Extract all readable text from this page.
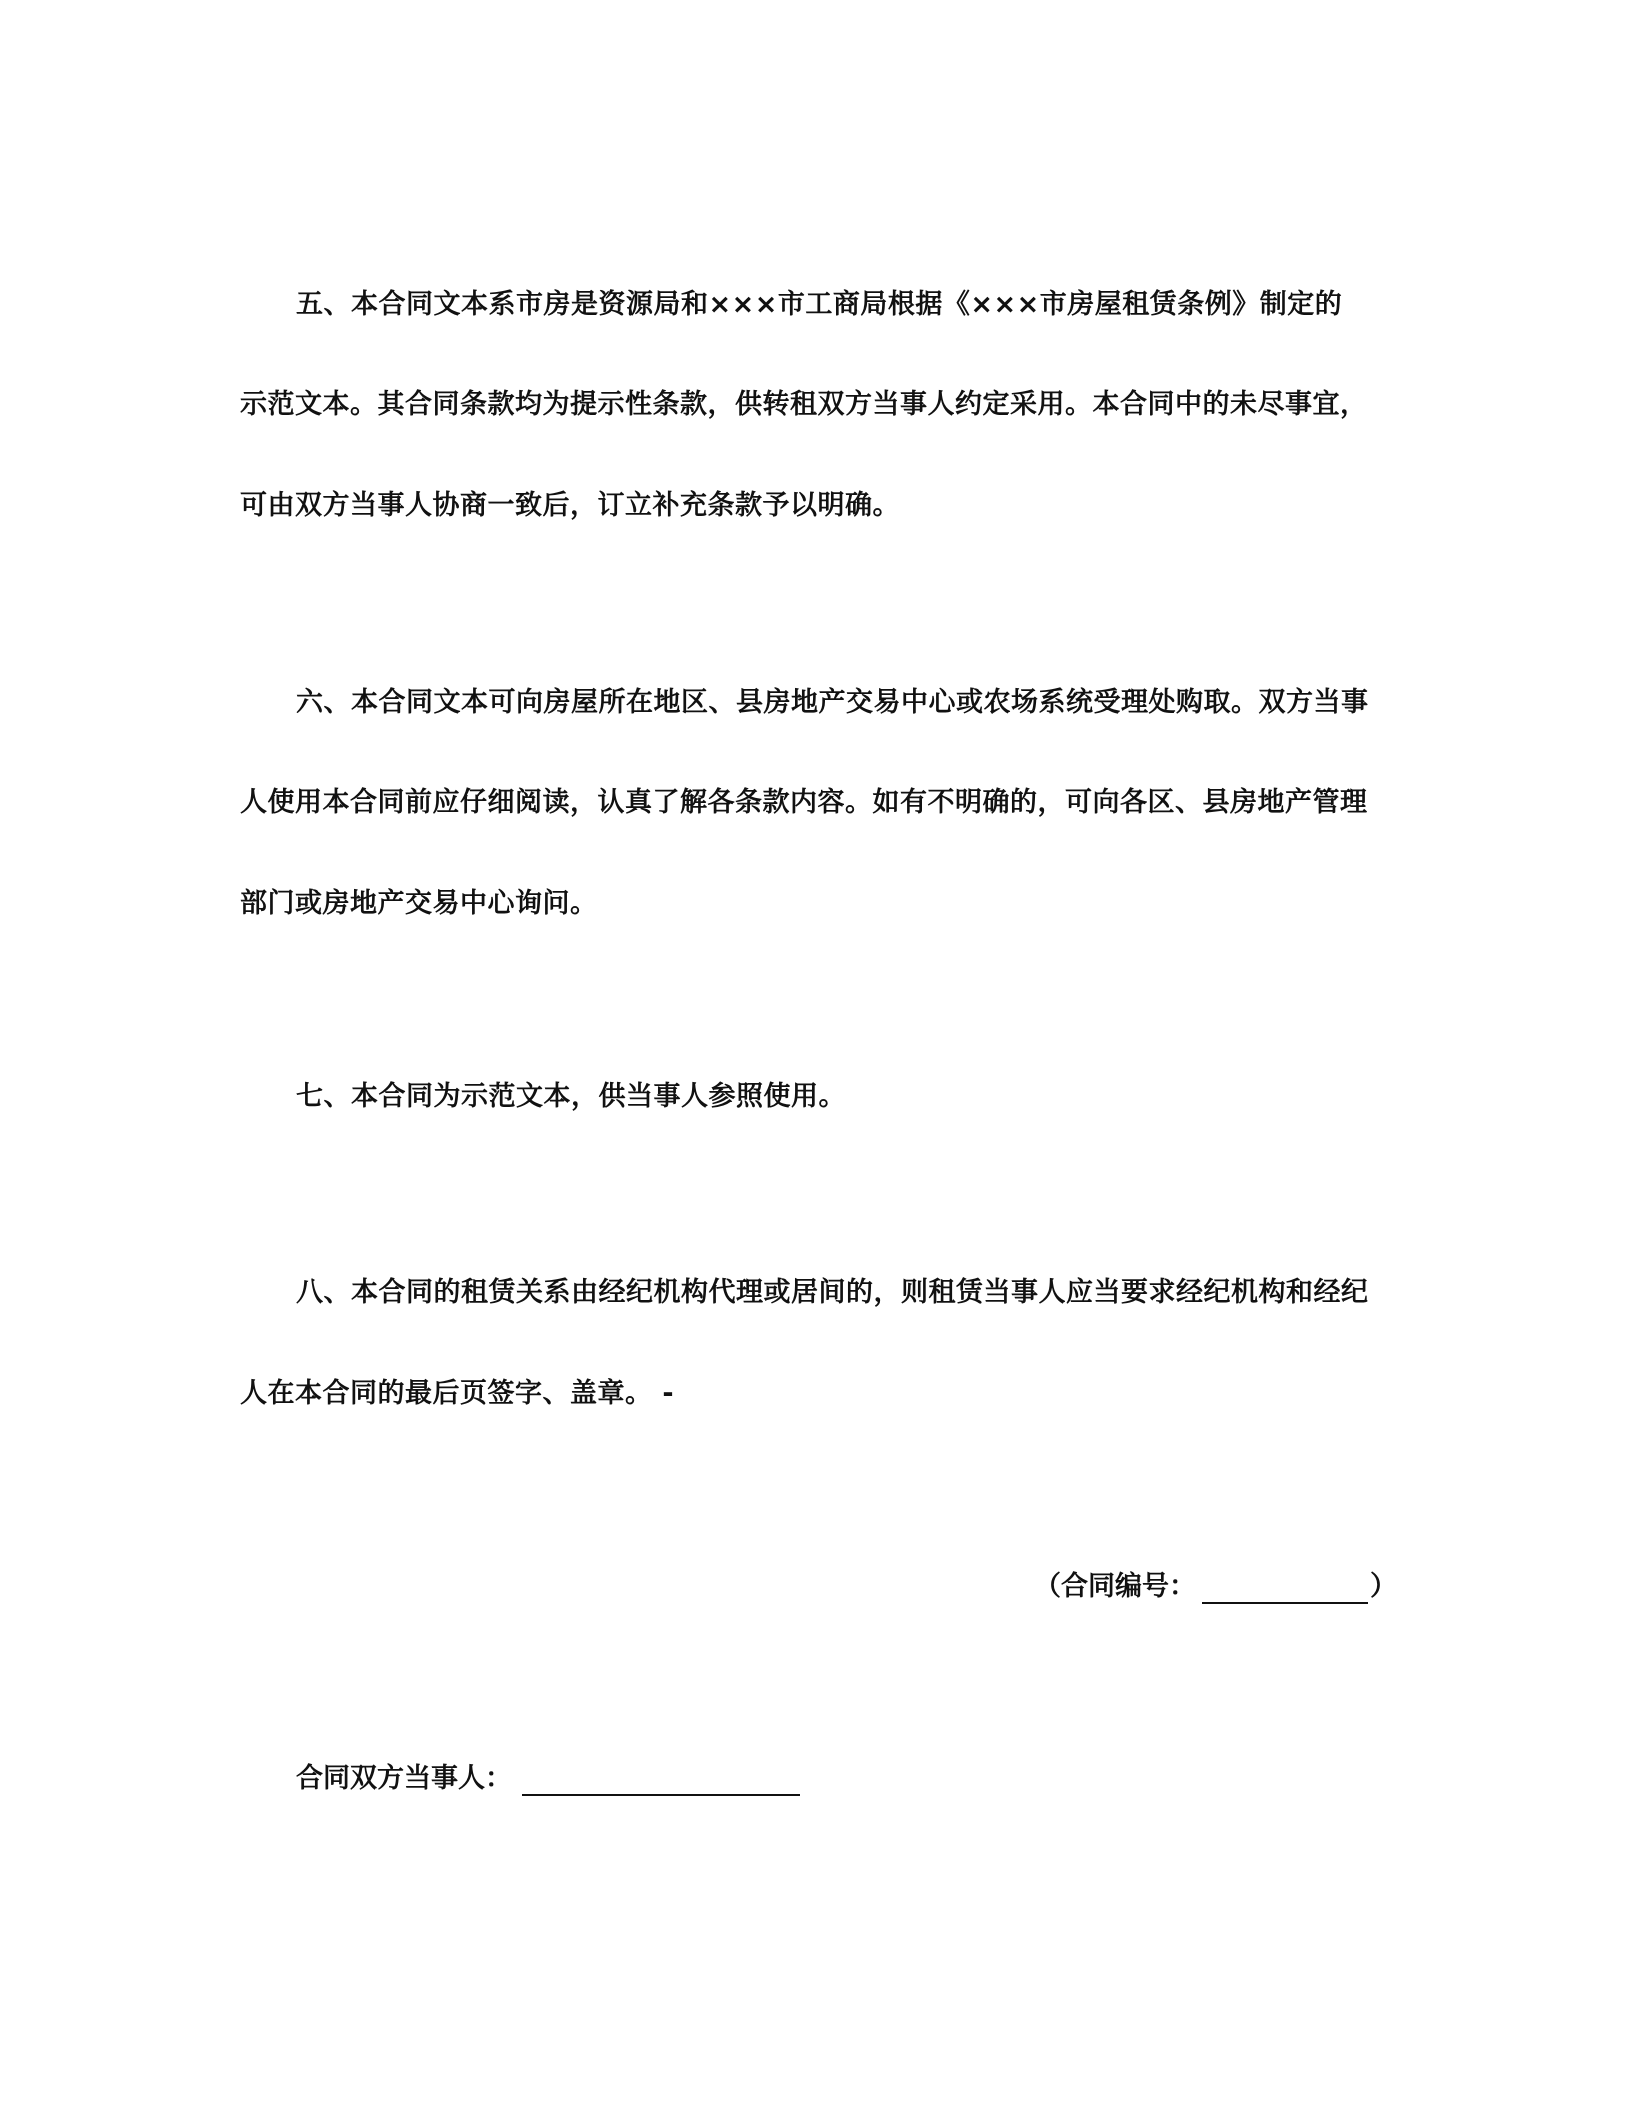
五、本合同文本系市房是资源局和×××市工商局根据《×××市房屋租赁条例》制定的
示范文本。其合同条款均为提示性条款，供转租双方当事人约定采用。本合同中的未尽事宜，
可由双方当事人协商一致后，订立补充条款予以明确。
六、本合同文本可向房屋所在地区、县房地产交易中心或农场系统受理处购取。双方当事
人使用本合同前应仔细阅读，认真了解各条款内容。如有不明确的，可向各区、县房地产管理
部门或房地产交易中心询问。
七、本合同为示范文本，供当事人参照使用。
八、本合同的租赁关系由经纪机构代理或居间的，则租赁当事人应当要求经纪机构和经纪
人在本合同的最后页签字、盖章。 -
（合同编号：	）
合同双方当事人：
